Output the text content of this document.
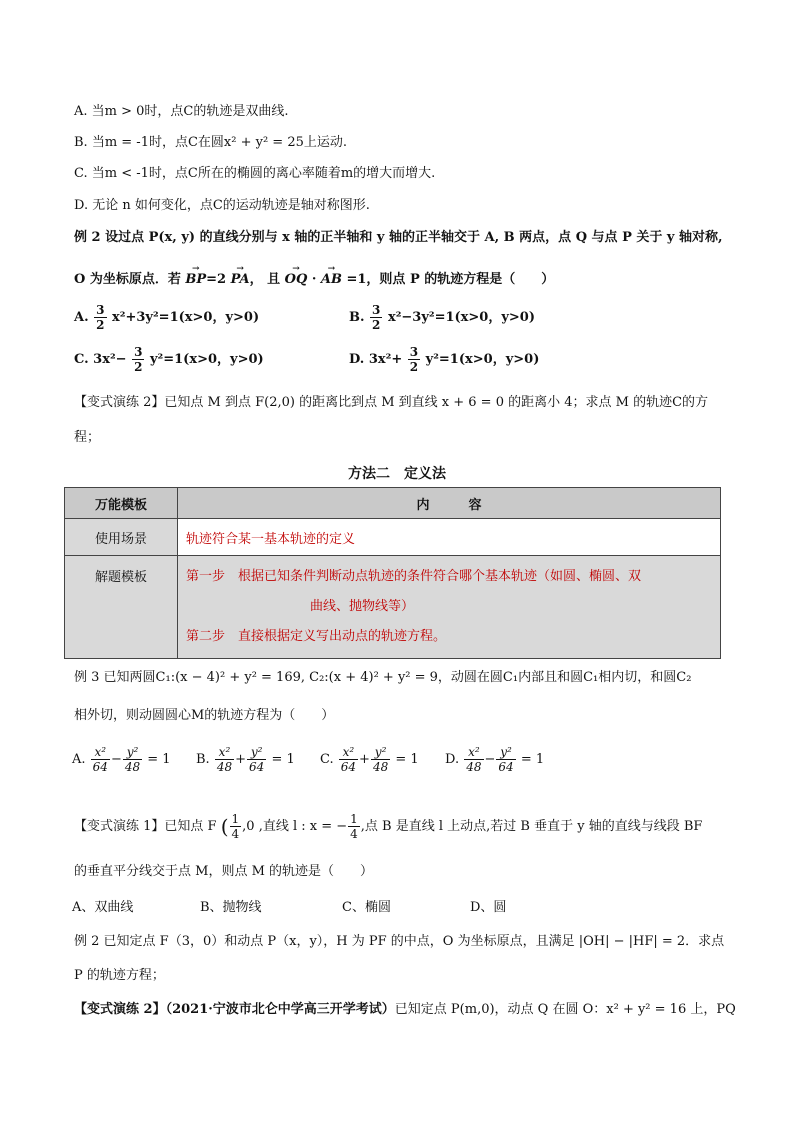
A. 当m > 0时，点C的轨迹是双曲线.
B. 当m = -1时，点C在圆x² + y² = 25上运动.
C. 当m < -1时，点C所在的椭圆的离心率随着m的增大而增大.
D. 无论 n 如何变化，点C的运动轨迹是轴对称图形.
例 2 设过点 P(x, y) 的直线分别与 x 轴的正半轴和 y 轴的正半轴交于 A, B 两点，点 Q 与点 P 关于 y 轴对称,
O 为坐标原点．若 → BP=2 → PA， 且 → OQ · → AB =1，则点 P 的轨迹方程是（　　）
A. $\frac{3}{2} x^2+3y^2=1(x>0$，y>0)	B. $\frac{3}{2} x^2-3y^2=1(x>0$，y>0)
C. $3x^2- \frac{3}{2} y^2=1(x>0$，y>0)	D. $3x^2+ \frac{3}{2} y^2=1(x>0$，y>0)
【变式演练 2】已知点 M 到点 F(2,0) 的距离比到点 M 到直线 x + 6 = 0 的距离小 4；求点 M 的轨迹C的方
程；
方法二　定义法
万能模板	内　　　容
使用场景	轨迹符合某一基本轨迹的定义
解题模板	第一步　根据已知条件判断动点轨迹的条件符合哪个基本轨迹（如圆、椭圆、双
曲线、抛物线等）
第二步　直接根据定义写出动点的轨迹方程。
例 3 已知两圆C₁:(x − 4)² + y² = 169, C₂:(x + 4)² + y² = 9，动圆在圆C₁内部且和圆C₁相内切，和圆C₂
相外切，则动圆圆心M的轨迹方程为（　　）
A. $\frac{\text{x²}}{64} - \frac{\text{y²}}{48} = 1$ B. $\frac{\text{x²}}{48} + \frac{\text{y²}}{64} = 1$ C. $\frac{\text{x²}}{64} + \frac{\text{y²}}{48} = 1$ D. $\frac{\text{x²}}{48} - \frac{\text{y²}}{64} = 1$
【变式演练 1】已知点 F ( $\frac{1}{4} ,0$ ,直线 l : x = − $\frac{1}{4}$ ,点 B 是直线 l 上动点,若过 B 垂直于 y 轴的直线与线段 BF
的垂直平分线交于点 M，则点 M 的轨迹是（　　）
A、双曲线	B、抛物线	C、椭圆	D、圆
例 2 已知定点 F（3，0）和动点 P（x，y），H 为 PF 的中点，O 为坐标原点，且满足 |OH| − |HF| = 2．求点
P 的轨迹方程；
【变式演练 2】（2021·宁波市北仑中学高三开学考试）已知定点 P(m,0)，动点 Q 在圆 O：x² + y² = 16 上，PQ
